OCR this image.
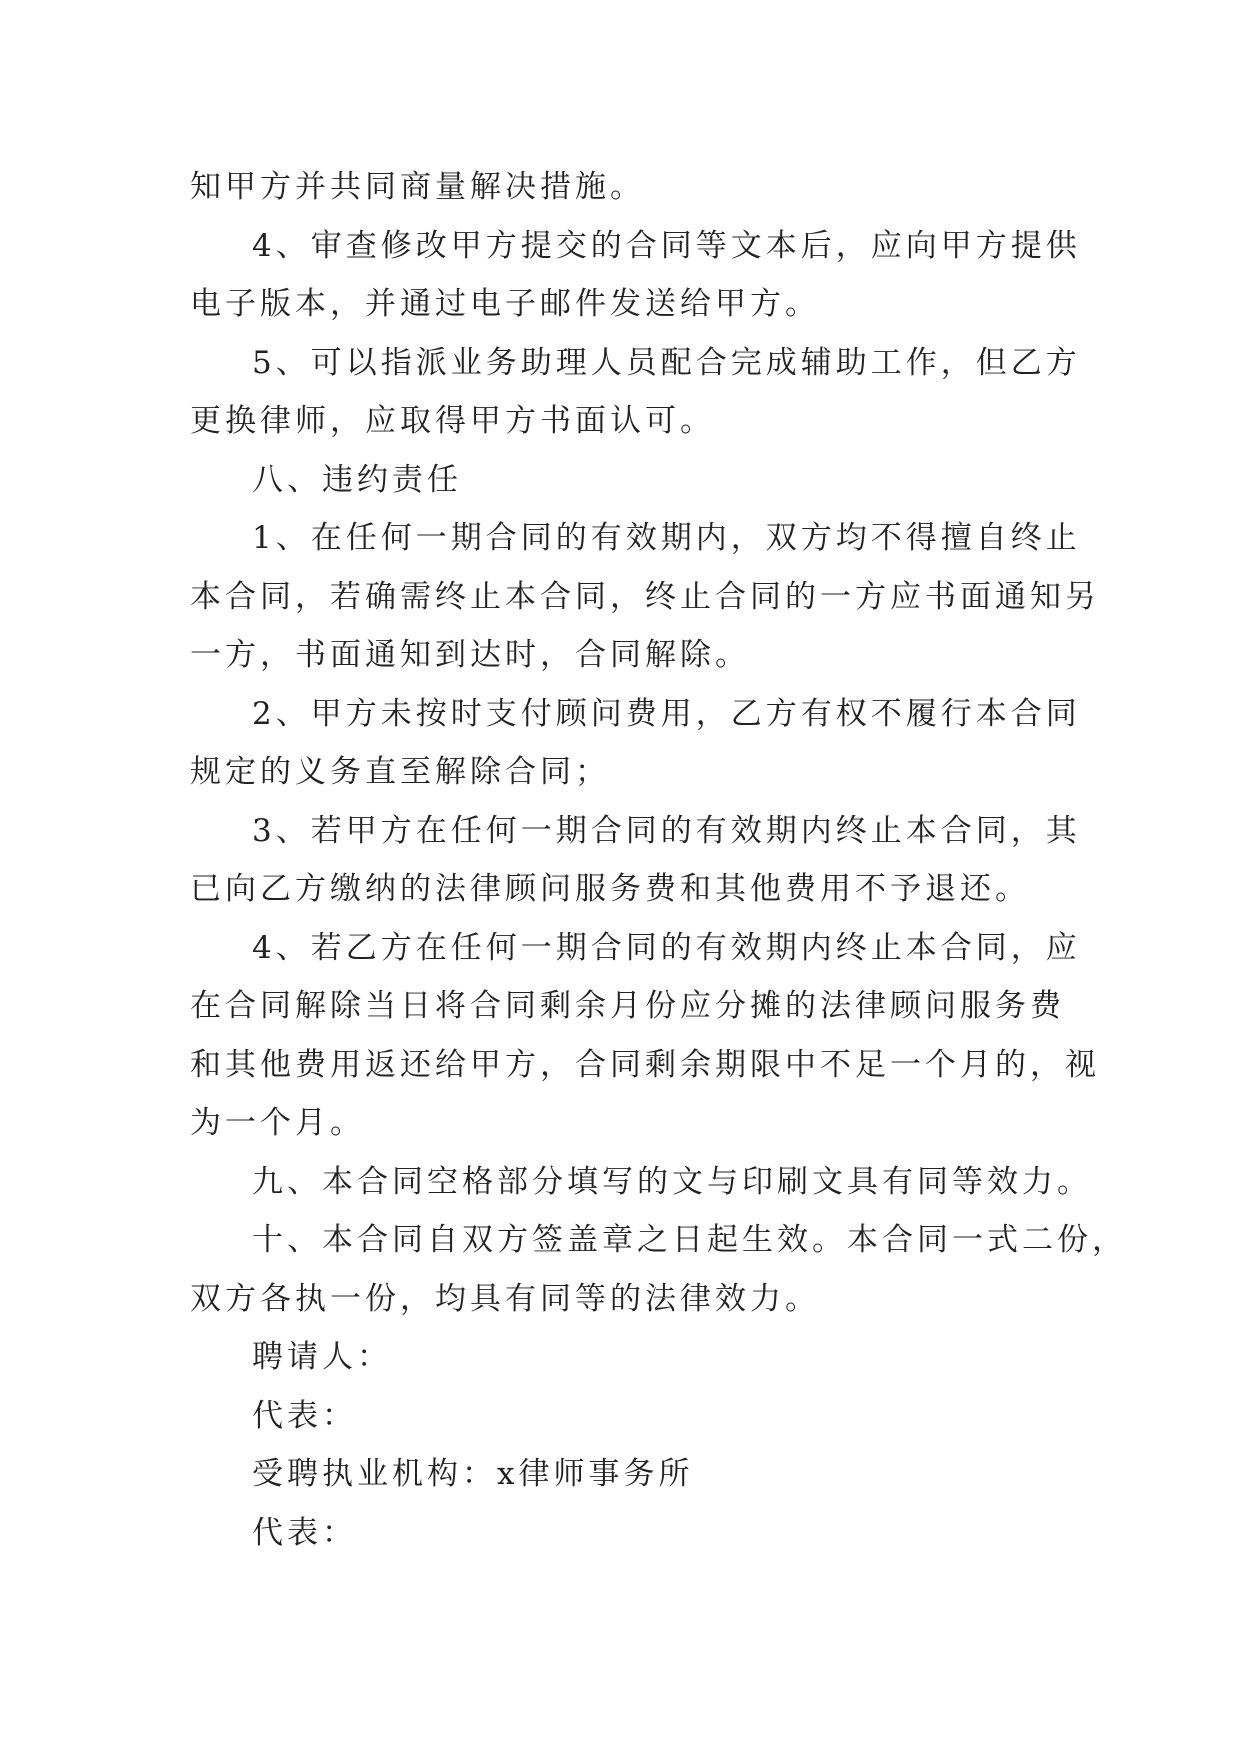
知甲方并共同商量解决措施。
4、审查修改甲方提交的合同等文本后，应向甲方提供
电子版本，并通过电子邮件发送给甲方。
5、可以指派业务助理人员配合完成辅助工作，但乙方
更换律师，应取得甲方书面认可。
八、违约责任
1、在任何一期合同的有效期内，双方均不得擅自终止
本合同，若确需终止本合同，终止合同的一方应书面通知另
一方，书面通知到达时，合同解除。
2、甲方未按时支付顾问费用，乙方有权不履行本合同
规定的义务直至解除合同；
3、若甲方在任何一期合同的有效期内终止本合同，其
已向乙方缴纳的法律顾问服务费和其他费用不予退还。
4、若乙方在任何一期合同的有效期内终止本合同，应
在合同解除当日将合同剩余月份应分摊的法律顾问服务费
和其他费用返还给甲方，合同剩余期限中不足一个月的，视
为一个月。
九、本合同空格部分填写的文与印刷文具有同等效力。
十、本合同自双方签盖章之日起生效。本合同一式二份，
双方各执一份，均具有同等的法律效力。
聘请人：
代表：
受聘执业机构：x律师事务所
代表：
